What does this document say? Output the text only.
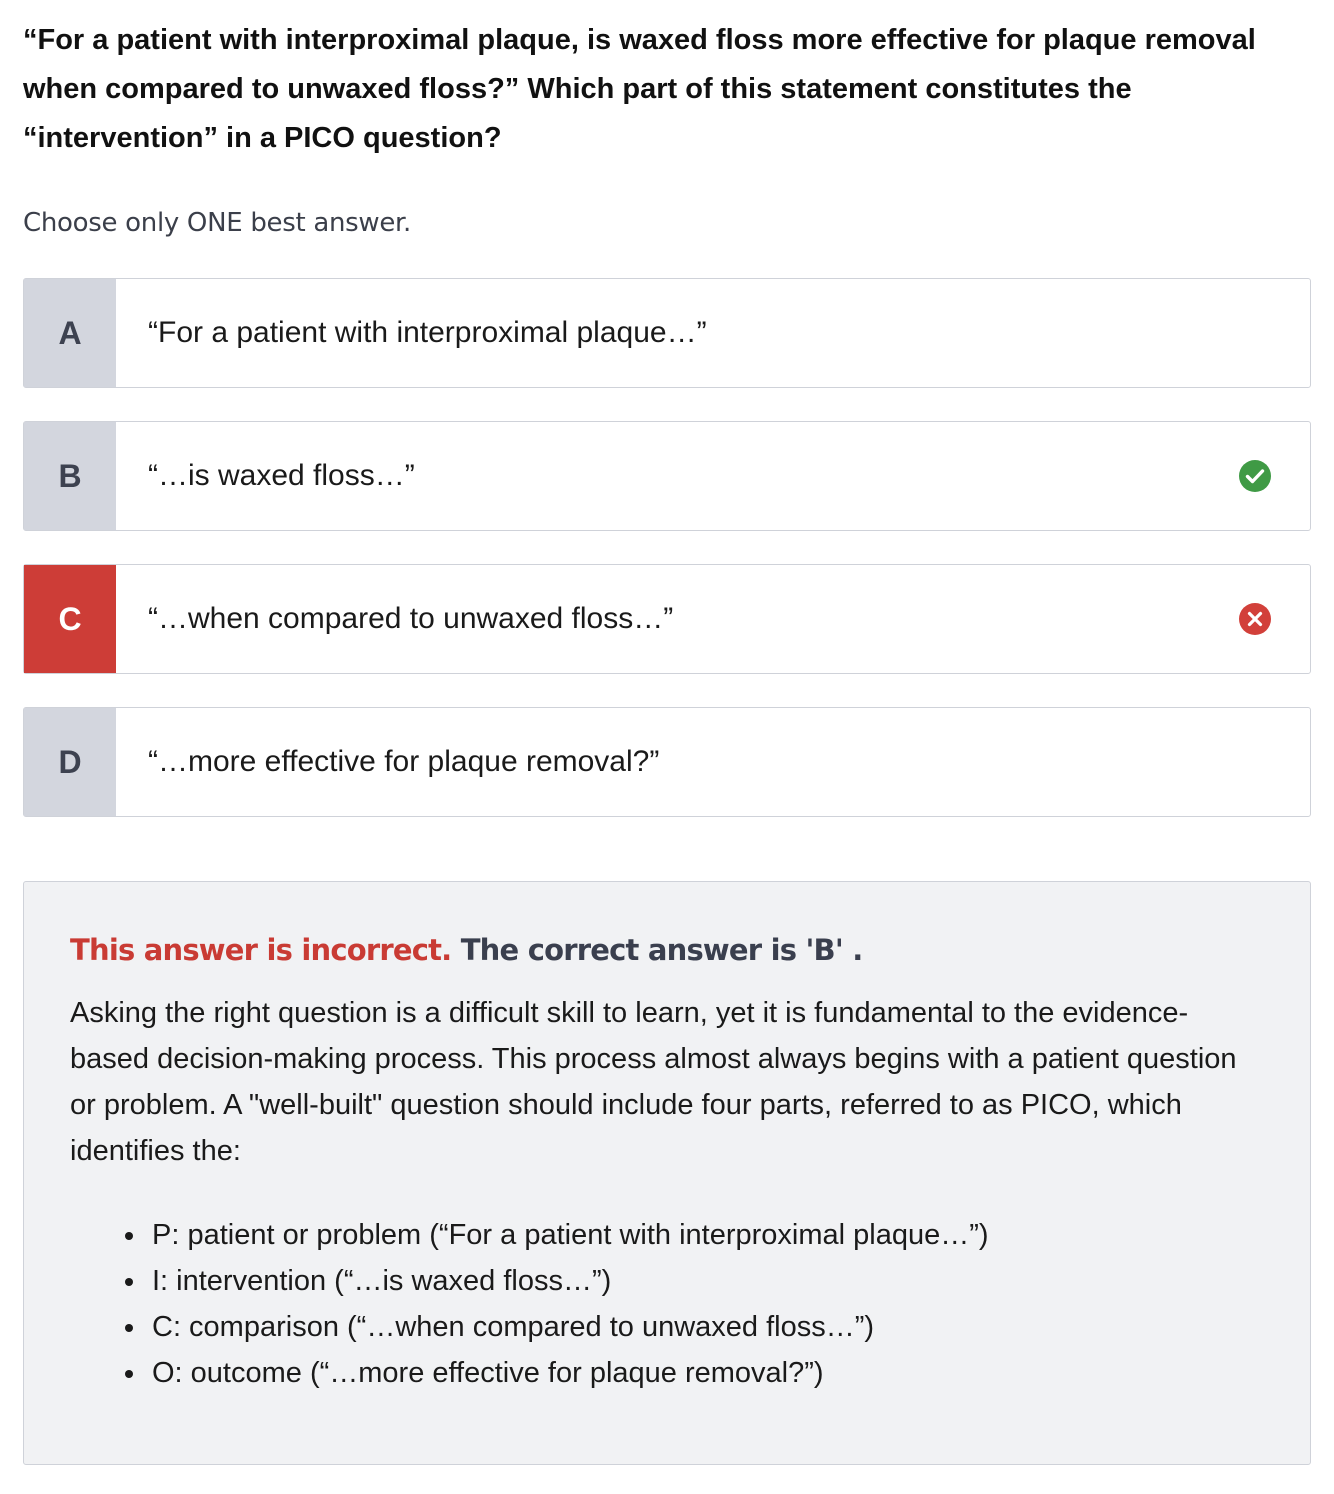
“For a patient with interproximal plaque, is waxed floss more effective for plaque removal when compared to unwaxed floss?” Which part of this statement constitutes the “intervention” in a PICO question?

Choose only ONE best answer.

A	“For a patient with interproximal plaque…”
B	“…is waxed floss…”
C	“…when compared to unwaxed floss…”
D	“…more effective for plaque removal?”

This answer is incorrect. The correct answer is 'B' .

Asking the right question is a difficult skill to learn, yet it is fundamental to the evidence-based decision-making process. This process almost always begins with a patient question or problem. A "well-built" question should include four parts, referred to as PICO, which identifies the:

• P: patient or problem (“For a patient with interproximal plaque…”)
• I: intervention (“…is waxed floss…”)
• C: comparison (“…when compared to unwaxed floss…”)
• O: outcome (“…more effective for plaque removal?”)
